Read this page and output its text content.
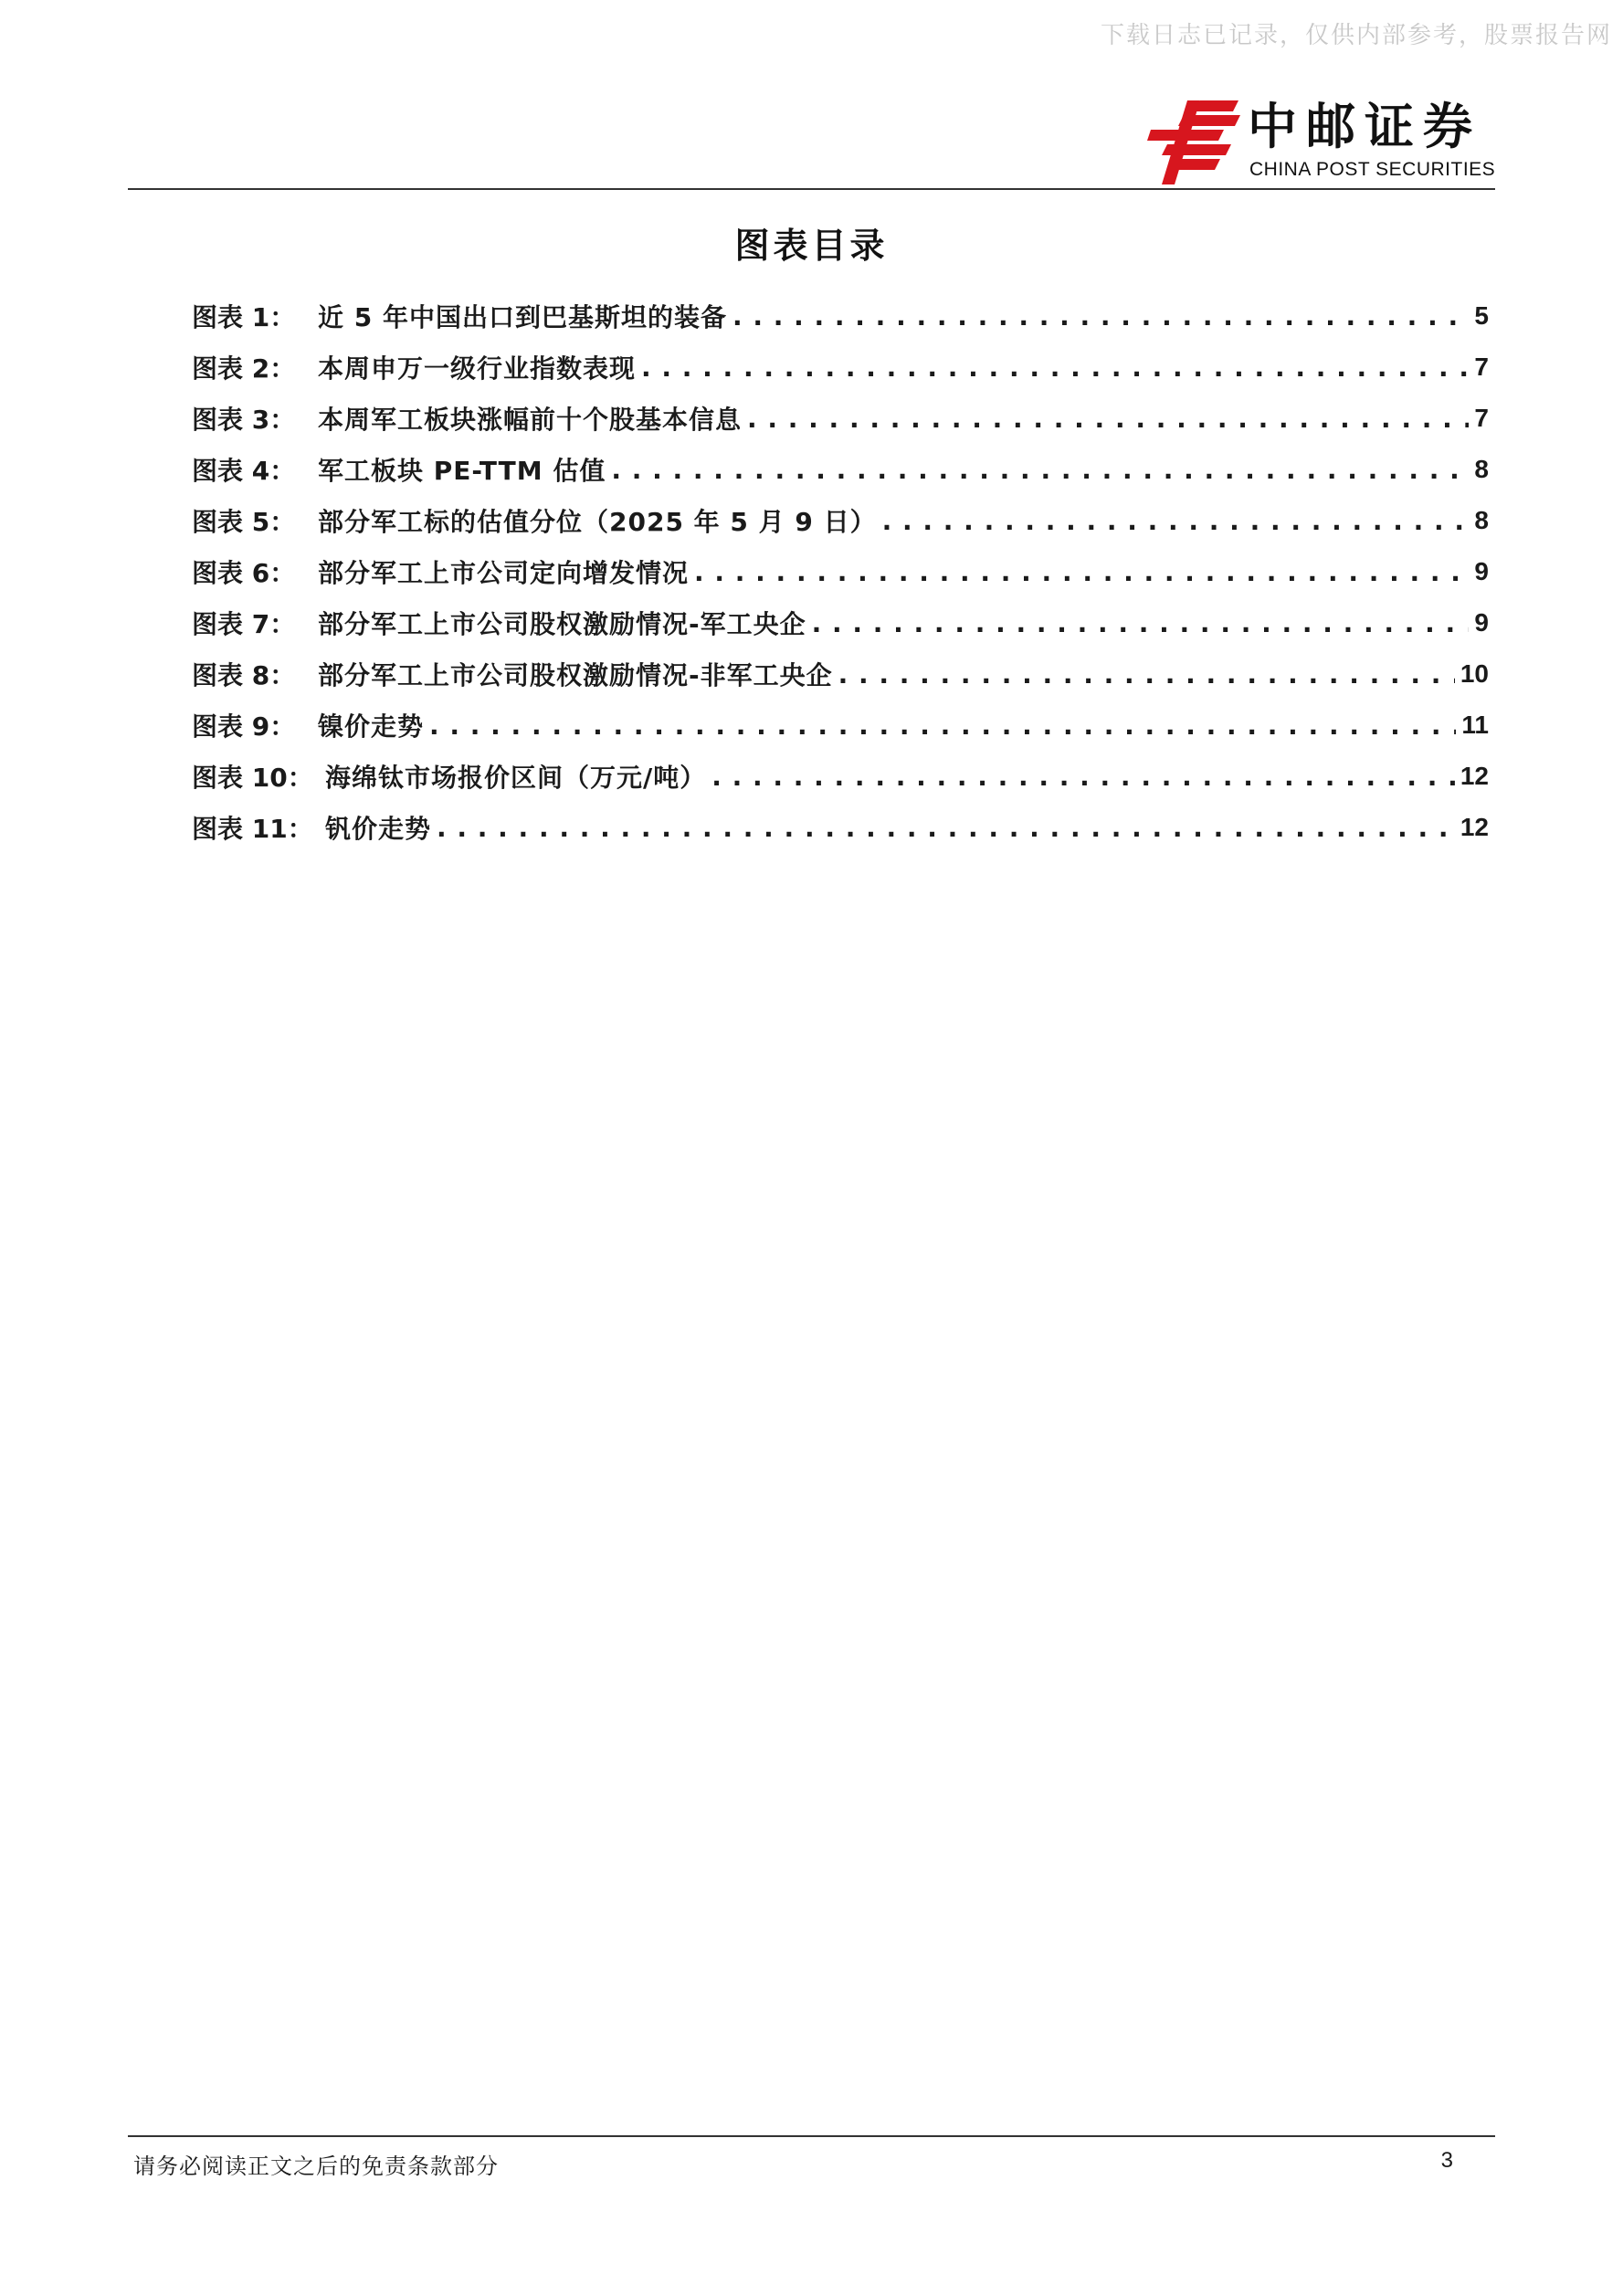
下载日志已记录，仅供内部参考，股票报告网
中邮证券
CHINA POST SECURITIES
图表目录
图表 1： 近 5 年中国出口到巴基斯坦的装备 . . .	5
图表 2： 本周申万一级行业指数表现 . . .	7
图表 3： 本周军工板块涨幅前十个股基本信息 . . .	7
图表 4： 军工板块 PE-TTM 估值 . . .	8
图表 5： 部分军工标的估值分位（2025 年 5 月 9 日） . . .	8
图表 6： 部分军工上市公司定向增发情况 . . .	9
图表 7： 部分军工上市公司股权激励情况-军工央企 . . .	9
图表 8： 部分军工上市公司股权激励情况-非军工央企 . . .	10
图表 9： 镍价走势 . . .	11
图表 10： 海绵钛市场报价区间（万元/吨） . . .	12
图表 11： 钒价走势 . . .	12
请务必阅读正文之后的免责条款部分	3
